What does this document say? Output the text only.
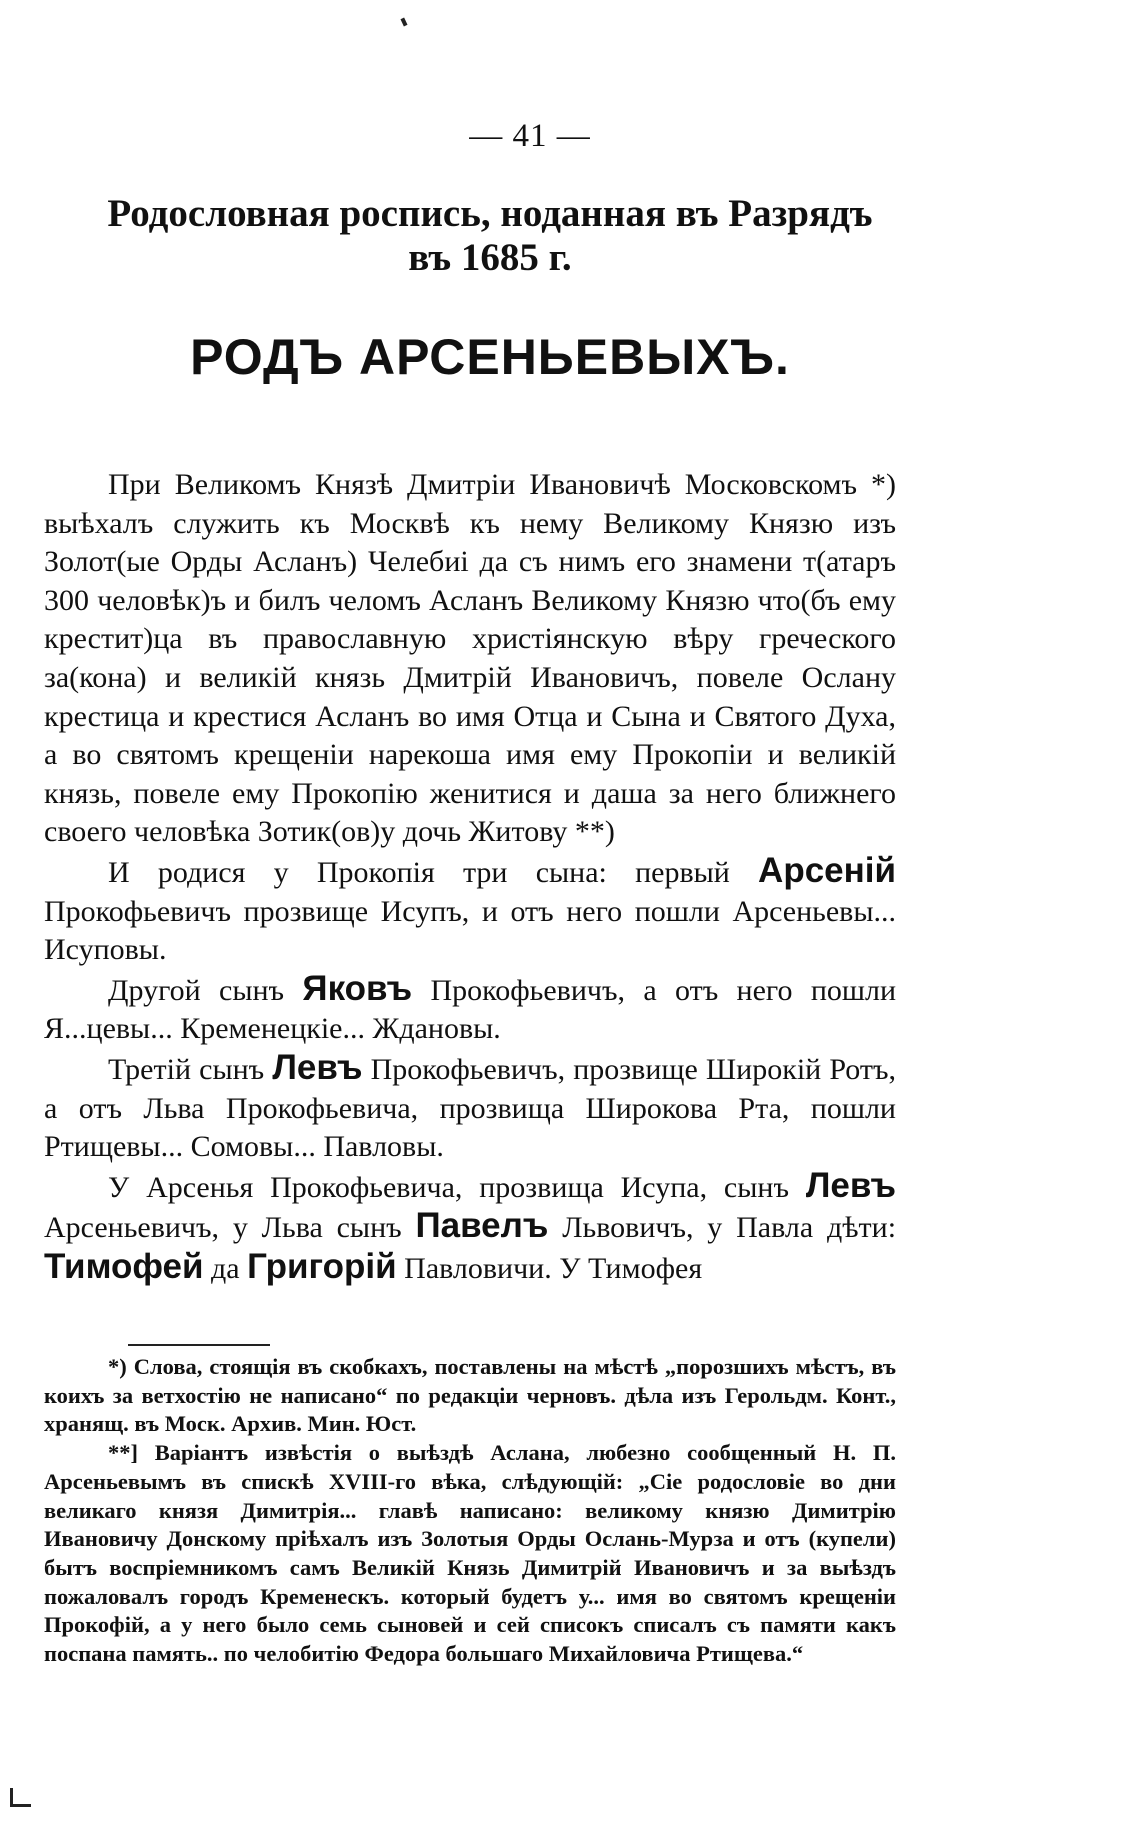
— 41 —
Родословная роспись, ноданная въ Разрядъ
въ 1685 г.
РОДЪ АРСЕНЬЕВЫХЪ.

При Великомъ Князѣ Дмитріи Ивановичѣ Московскомъ *) выѣхалъ служить къ Москвѣ къ нему Великому Князю изъ Золот(ые Орды Асланъ) Челебиi да съ нимъ его знамени т(атаръ 300 человѣк)ъ и билъ челомъ Асланъ Великому Князю что(бъ ему крестит)ца въ православную христіянскую вѣру греческого за(кона) и великій князь Дмитрій Ивановичъ, повеле Ослану крестица и крестися Асланъ во имя Отца и Сына и Святого Духа, а во святомъ крещеніи нарекоша имя ему Прокопіи и великій князь, повеле ему Прокопію женитися и даша за него ближнего своего человѣка Зотик(ов)у дочь Житову **)

И родися у Прокопія три сына: первый Арсеній Прокофьевичъ прозвище Исупъ, и отъ него пошли Арсеньевы... Исуповы.

Другой сынъ Яковъ Прокофьевичъ, а отъ него пошли Я...цевы... Кременецкіе... Ждановы.

Третій сынъ Левъ Прокофьевичъ, прозвище Широкій Ротъ, а отъ Льва Прокофьевича, прозвища Широкова Рта, пошли Ртищевы... Сомовы... Павловы.

У Арсенья Прокофьевича, прозвища Исупа, сынъ Левъ Арсеньевичъ, у Льва сынъ Павелъ Львовичъ, у Павла дѣти: Тимофей да Григорій Павловичи. У Тимофея

*) Слова, стоящія въ скобкахъ, поставлены на мѣстѣ „порозшихъ мѣстъ, въ коихъ за ветхостію не написано“ по редакціи черновъ. дѣла изъ Герольдм. Конт., хранящ. въ Моск. Архив. Мин. Юст.

**] Варіантъ извѣстія о выѣздѣ Аслана, любезно сообщенный Н. П. Арсеньевымъ въ спискѣ XVIII-го вѣка, слѣдующій: „Сіе родословіе во дни великаго князя Димитрія... главѣ написано: великому князю Димитрію Ивановичу Донскому пріѣхалъ изъ Золотыя Орды Ослань-Мурза и отъ (купели) бытъ воспріемникомъ самъ Великій Князь Димитрій Ивановичъ и за выѣздъ пожаловалъ городъ Кременескъ. который будетъ у... имя во святомъ крещеніи Прокофій, а у него было семь сыновей и сей списокъ списалъ съ памяти какъ поспана память.. по челобитію Федора большаго Михайловича Ртищева.“
